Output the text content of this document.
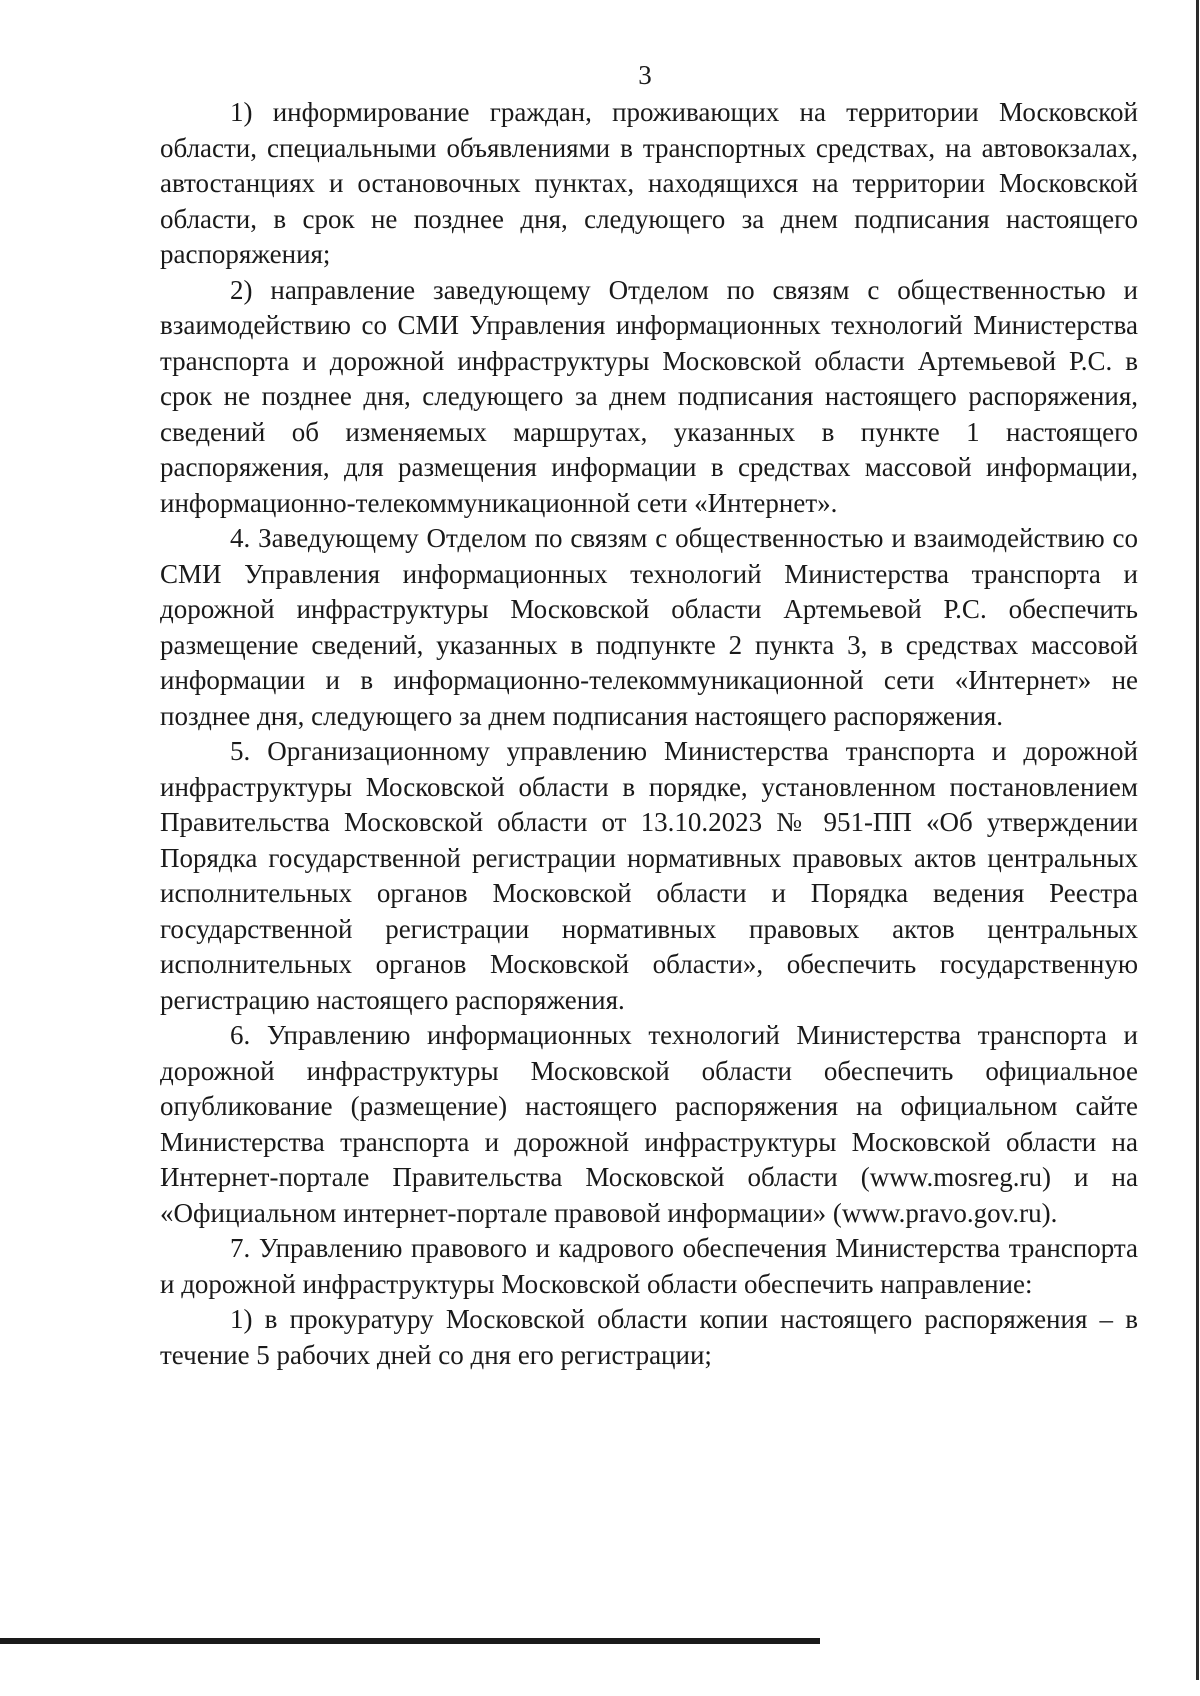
3

1) информирование граждан, проживающих на территории Московской области, специальными объявлениями в транспортных средствах, на автовокзалах, автостанциях и остановочных пунктах, находящихся на территории Московской области, в срок не позднее дня, следующего за днем подписания настоящего распоряжения;

2) направление заведующему Отделом по связям с общественностью и взаимодействию со СМИ Управления информационных технологий Министерства транспорта и дорожной инфраструктуры Московской области Артемьевой Р.С. в срок не позднее дня, следующего за днем подписания настоящего распоряжения, сведений об изменяемых маршрутах, указанных в пункте 1 настоящего распоряжения, для размещения информации в средствах массовой информации, информационно-телекоммуникационной сети «Интернет».

4. Заведующему Отделом по связям с общественностью и взаимодействию со СМИ Управления информационных технологий Министерства транспорта и дорожной инфраструктуры Московской области Артемьевой Р.С. обеспечить размещение сведений, указанных в подпункте 2 пункта 3, в средствах массовой информации и в информационно-телекоммуникационной сети «Интернет» не позднее дня, следующего за днем подписания настоящего распоряжения.

5. Организационному управлению Министерства транспорта и дорожной инфраструктуры Московской области в порядке, установленном постановлением Правительства Московской области от 13.10.2023 № 951-ПП «Об утверждении Порядка государственной регистрации нормативных правовых актов центральных исполнительных органов Московской области и Порядка ведения Реестра государственной регистрации нормативных правовых актов центральных исполнительных органов Московской области», обеспечить государственную регистрацию настоящего распоряжения.

6. Управлению информационных технологий Министерства транспорта и дорожной инфраструктуры Московской области обеспечить официальное опубликование (размещение) настоящего распоряжения на официальном сайте Министерства транспорта и дорожной инфраструктуры Московской области на Интернет-портале Правительства Московской области (www.mosreg.ru) и на «Официальном интернет-портале правовой информации» (www.pravo.gov.ru).

7. Управлению правового и кадрового обеспечения Министерства транспорта и дорожной инфраструктуры Московской области обеспечить направление:

1) в прокуратуру Московской области копии настоящего распоряжения – в течение 5 рабочих дней со дня его регистрации;
